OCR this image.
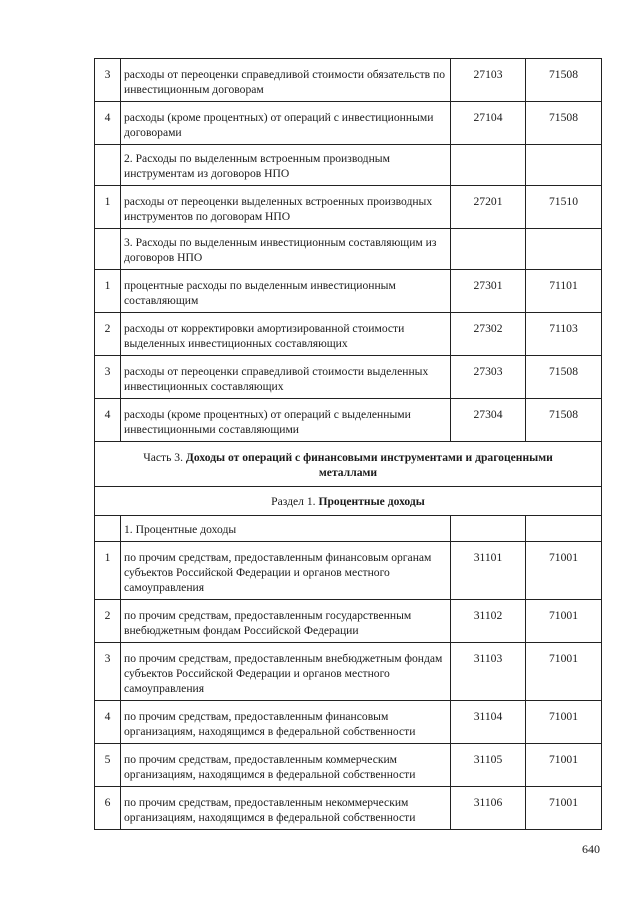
3	расходы от переоценки справедливой стоимости обязательств по инвестиционным договорам	27103	71508
4	расходы (кроме процентных) от операций с инвестиционными договорами	27104	71508
	2. Расходы по выделенным встроенным производным инструментам из договоров НПО		
1	расходы от переоценки выделенных встроенных производных инструментов по договорам НПО	27201	71510
	3. Расходы по выделенным инвестиционным составляющим из договоров НПО		
1	процентные расходы по выделенным инвестиционным составляющим	27301	71101
2	расходы от корректировки амортизированной стоимости выделенных инвестиционных составляющих	27302	71103
3	расходы от переоценки справедливой стоимости выделенных инвестиционных составляющих	27303	71508
4	расходы (кроме процентных) от операций с выделенными инвестиционными составляющими	27304	71508
Часть 3. Доходы от операций с финансовыми инструментами и драгоценными металлами			
Раздел 1. Процентные доходы			
	1. Процентные доходы		
1	по прочим средствам, предоставленным финансовым органам субъектов Российской Федерации и органов местного самоуправления	31101	71001
2	по прочим средствам, предоставленным государственным внебюджетным фондам Российской Федерации	31102	71001
3	по прочим средствам, предоставленным внебюджетным фондам субъектов Российской Федерации и органов местного самоуправления	31103	71001
4	по прочим средствам, предоставленным финансовым организациям, находящимся в федеральной собственности	31104	71001
5	по прочим средствам, предоставленным коммерческим организациям, находящимся в федеральной собственности	31105	71001
6	по прочим средствам, предоставленным некоммерческим организациям, находящимся в федеральной собственности	31106	71001
640
